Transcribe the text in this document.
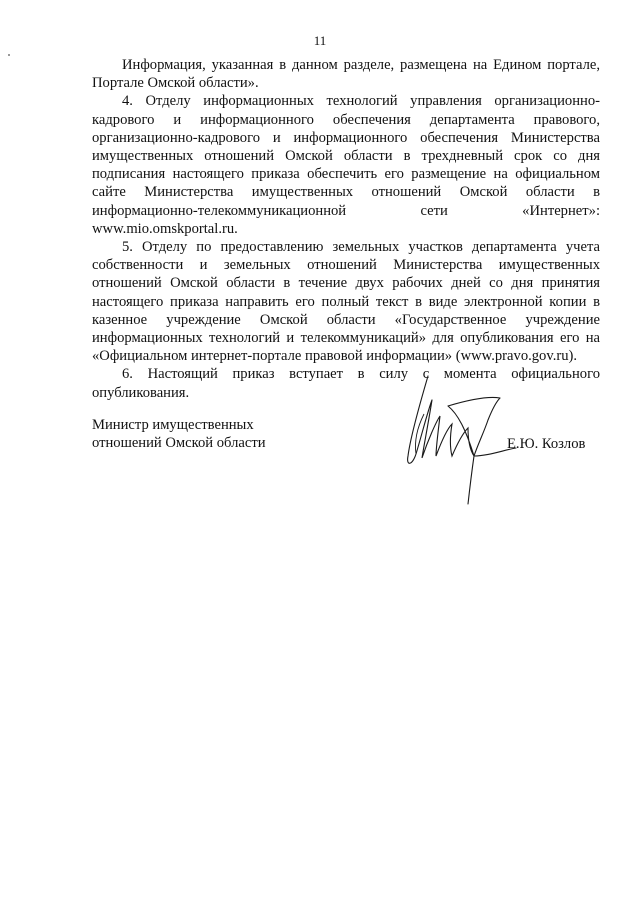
11

Информация, указанная в данном разделе, размещена на Едином портале, Портале Омской области».

4. Отделу информационных технологий управления организационно-кадрового и информационного обеспечения департамента правового, организационно-кадрового и информационного обеспечения Министерства имущественных отношений Омской области в трехдневный срок со дня подписания настоящего приказа обеспечить его размещение на официальном сайте Министерства имущественных отношений Омской области в информационно-телекоммуникационной сети «Интернет»: www.mio.omskportal.ru.

5. Отделу по предоставлению земельных участков департамента учета собственности и земельных отношений Министерства имущественных отношений Омской области в течение двух рабочих дней со дня принятия настоящего приказа направить его полный текст в виде электронной копии в казенное учреждение Омской области «Государственное учреждение информационных технологий и телекоммуникаций» для опубликования его на «Официальном интернет-портале правовой информации» (www.pravo.gov.ru).

6. Настоящий приказ вступает в силу с момента официального опубликования.

Министр имущественных
отношений Омской области	Е.Ю. Козлов
